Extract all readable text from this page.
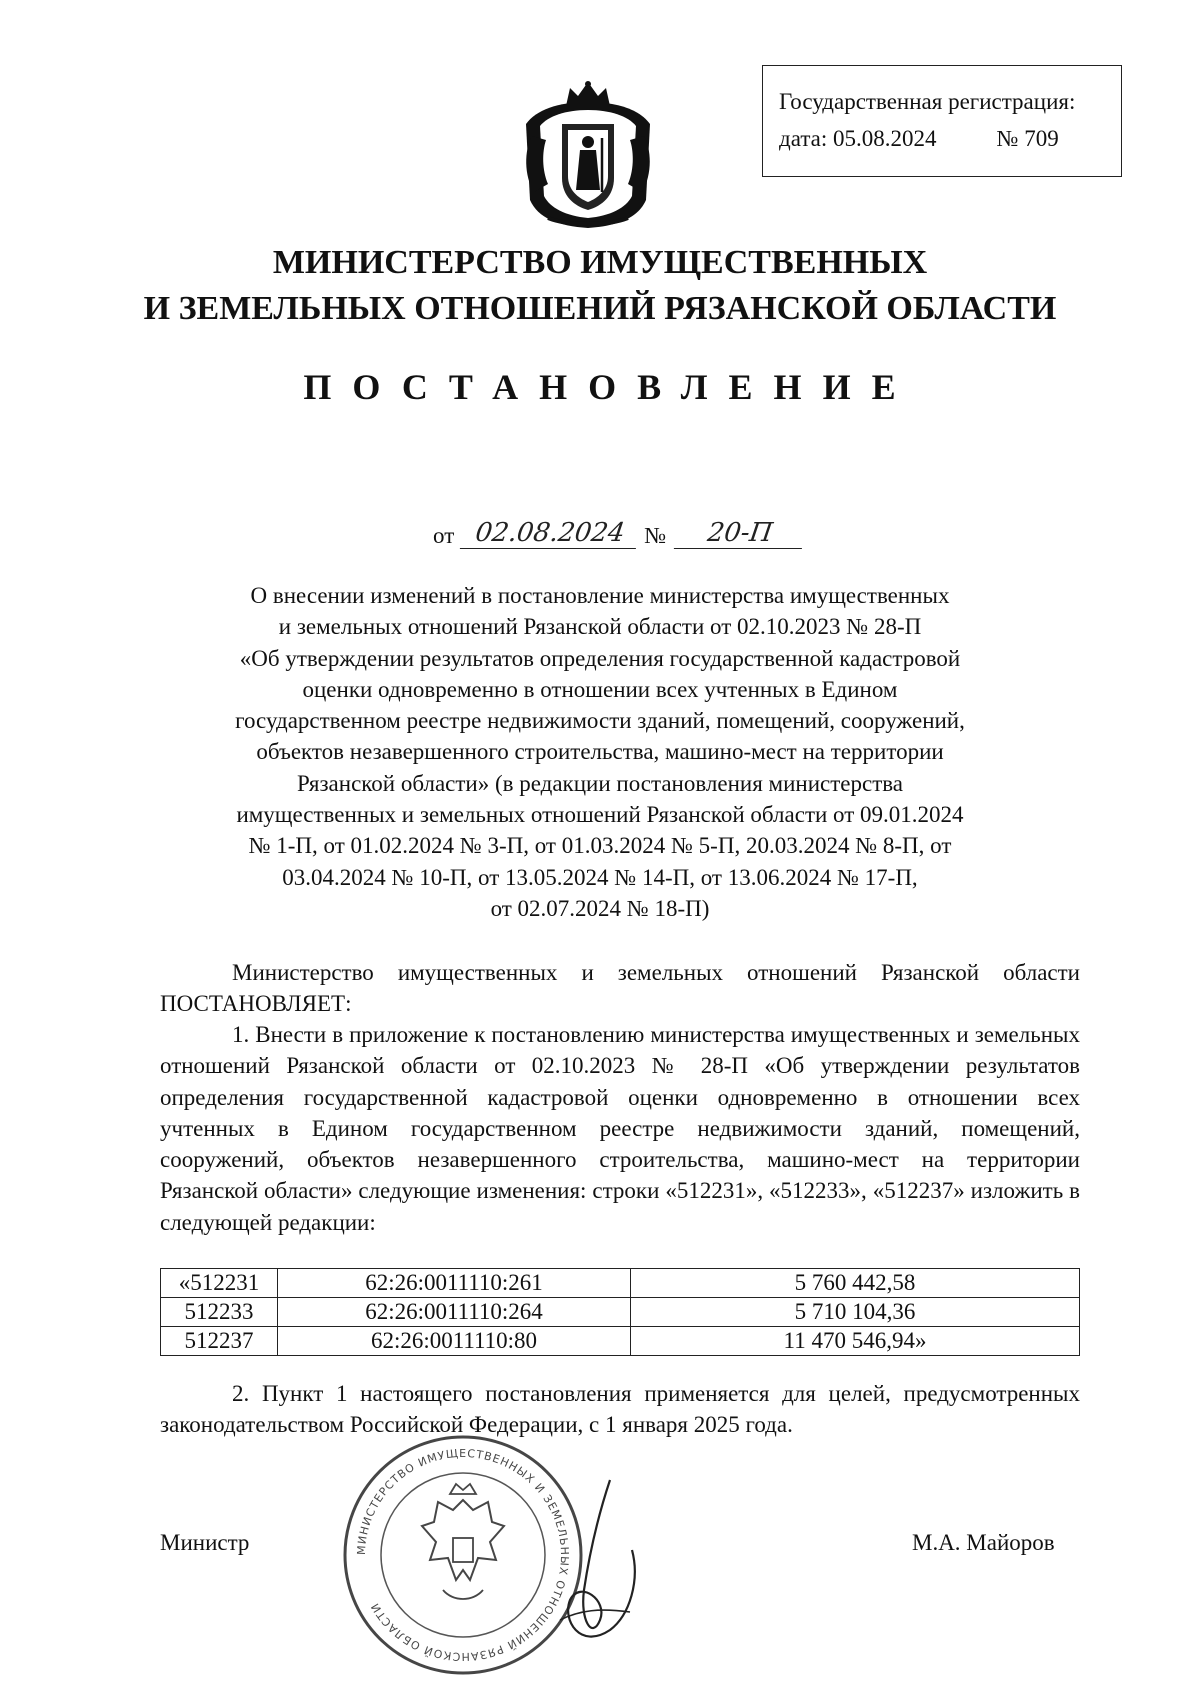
Государственная регистрация:
дата: 05.08.2024	№ 709
МИНИСТЕРСТВО ИМУЩЕСТВЕННЫХ
И ЗЕМЕЛЬНЫХ ОТНОШЕНИЙ РЯЗАНСКОЙ ОБЛАСТИ
ПОСТАНОВЛЕНИЕ
от 02.08.2024 №	20-П
О внесении изменений в постановление министерства имущественных
и земельных отношений Рязанской области от 02.10.2023 № 28-П
«Об утверждении результатов определения государственной кадастровой
оценки одновременно в отношении всех учтенных в Едином
государственном реестре недвижимости зданий, помещений, сооружений,
объектов незавершенного строительства, машино-мест на территории
Рязанской области» (в редакции постановления министерства
имущественных и земельных отношений Рязанской области от 09.01.2024
№ 1-П, от 01.02.2024 № 3-П, от 01.03.2024 № 5-П, 20.03.2024 № 8-П, от
03.04.2024 № 10-П, от 13.05.2024 № 14-П, от 13.06.2024 № 17-П,
от 02.07.2024 № 18-П)
Министерство имущественных и земельных отношений Рязанской области ПОСТАНОВЛЯЕТ:
1. Внести в приложение к постановлению министерства имущественных и земельных отношений Рязанской области от 02.10.2023 № 28-П «Об утверждении результатов определения государственной кадастровой оценки одновременно в отношении всех учтенных в Едином государственном реестре недвижимости зданий, помещений, сооружений, объектов незавершенного строительства, машино-мест на территории Рязанской области» следующие изменения: строки «512231», «512233», «512237» изложить в следующей редакции:
«512231	62:26:0011110:261	5 760 442,58
512233	62:26:0011110:264	5 710 104,36
512237	62:26:0011110:80	11 470 546,94»
2. Пункт 1 настоящего постановления применяется для целей, предусмотренных законодательством Российской Федерации, с 1 января 2025 года.
МИНИСТЕРСТВО ИМУЩЕСТВЕННЫХ И ЗЕМЕЛЬНЫХ ОТНОШЕНИЙ РЯЗАНСКОЙ ОБЛАСТИ
Министр	М.А. Майоров
